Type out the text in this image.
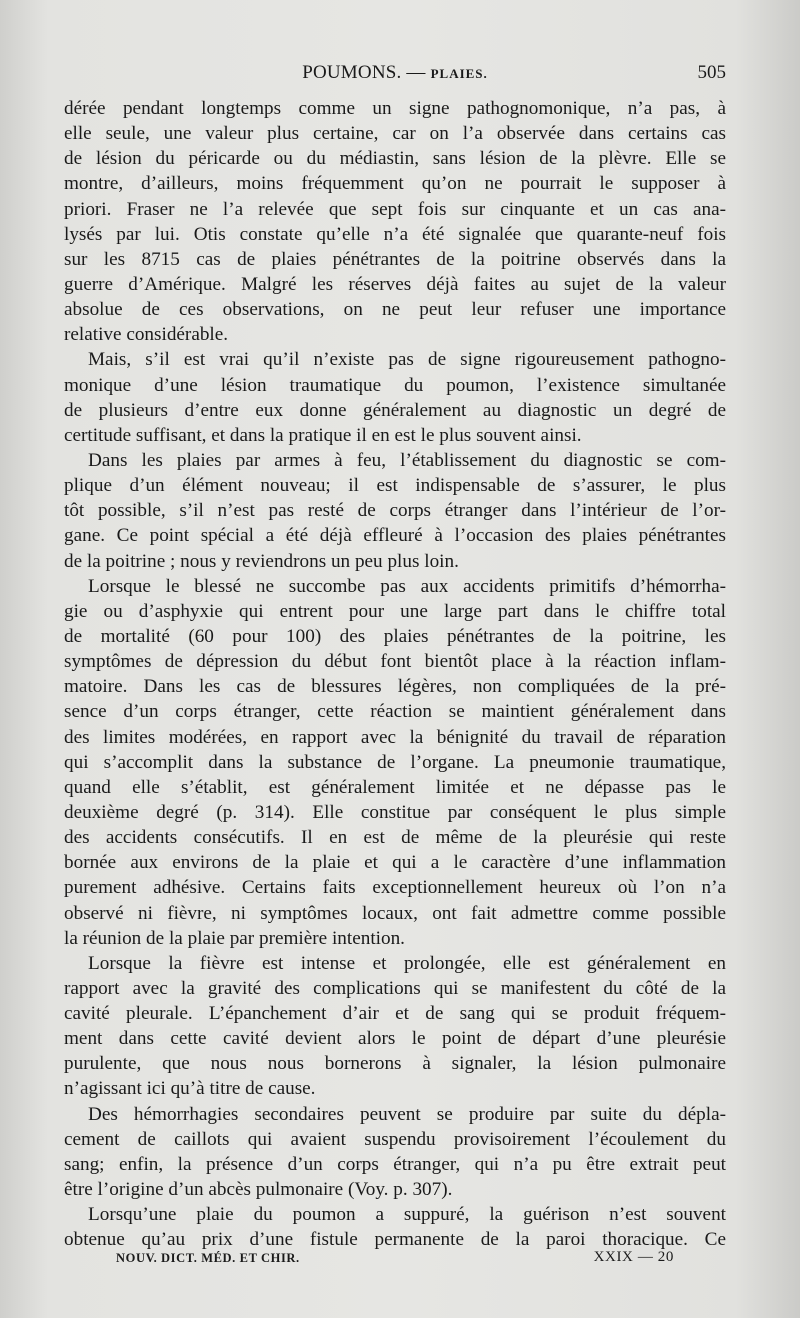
POUMONS. — PLAIES.	505
dérée pendant longtemps comme un signe pathognomonique, n’a pas, à
elle seule, une valeur plus certaine, car on l’a observée dans certains cas
de lésion du péricarde ou du médiastin, sans lésion de la plèvre. Elle se
montre, d’ailleurs, moins fréquemment qu’on ne pourrait le supposer à
priori. Fraser ne l’a relevée que sept fois sur cinquante et un cas ana-
lysés par lui. Otis constate qu’elle n’a été signalée que quarante-neuf fois
sur les 8715 cas de plaies pénétrantes de la poitrine observés dans la
guerre d’Amérique. Malgré les réserves déjà faites au sujet de la valeur
absolue de ces observations, on ne peut leur refuser une importance
relative considérable.
Mais, s’il est vrai qu’il n’existe pas de signe rigoureusement pathogno-
monique d’une lésion traumatique du poumon, l’existence simultanée
de plusieurs d’entre eux donne généralement au diagnostic un degré de
certitude suffisant, et dans la pratique il en est le plus souvent ainsi.
Dans les plaies par armes à feu, l’établissement du diagnostic se com-
plique d’un élément nouveau; il est indispensable de s’assurer, le plus
tôt possible, s’il n’est pas resté de corps étranger dans l’intérieur de l’or-
gane. Ce point spécial a été déjà effleuré à l’occasion des plaies pénétrantes
de la poitrine ; nous y reviendrons un peu plus loin.
Lorsque le blessé ne succombe pas aux accidents primitifs d’hémorrha-
gie ou d’asphyxie qui entrent pour une large part dans le chiffre total
de mortalité (60 pour 100) des plaies pénétrantes de la poitrine, les
symptômes de dépression du début font bientôt place à la réaction inflam-
matoire. Dans les cas de blessures légères, non compliquées de la pré-
sence d’un corps étranger, cette réaction se maintient généralement dans
des limites modérées, en rapport avec la bénignité du travail de réparation
qui s’accomplit dans la substance de l’organe. La pneumonie traumatique,
quand elle s’établit, est généralement limitée et ne dépasse pas le
deuxième degré (p. 314). Elle constitue par conséquent le plus simple
des accidents consécutifs. Il en est de même de la pleurésie qui reste
bornée aux environs de la plaie et qui a le caractère d’une inflammation
purement adhésive. Certains faits exceptionnellement heureux où l’on n’a
observé ni fièvre, ni symptômes locaux, ont fait admettre comme possible
la réunion de la plaie par première intention.
Lorsque la fièvre est intense et prolongée, elle est généralement en
rapport avec la gravité des complications qui se manifestent du côté de la
cavité pleurale. L’épanchement d’air et de sang qui se produit fréquem-
ment dans cette cavité devient alors le point de départ d’une pleurésie
purulente, que nous nous bornerons à signaler, la lésion pulmonaire
n’agissant ici qu’à titre de cause.
Des hémorrhagies secondaires peuvent se produire par suite du dépla-
cement de caillots qui avaient suspendu provisoirement l’écoulement du
sang; enfin, la présence d’un corps étranger, qui n’a pu être extrait peut
être l’origine d’un abcès pulmonaire (Voy. p. 307).
Lorsqu’une plaie du poumon a suppuré, la guérison n’est souvent
obtenue qu’au prix d’une fistule permanente de la paroi thoracique. Ce
NOUV. DICT. MÉD. ET CHIR.	XXIX — 20
